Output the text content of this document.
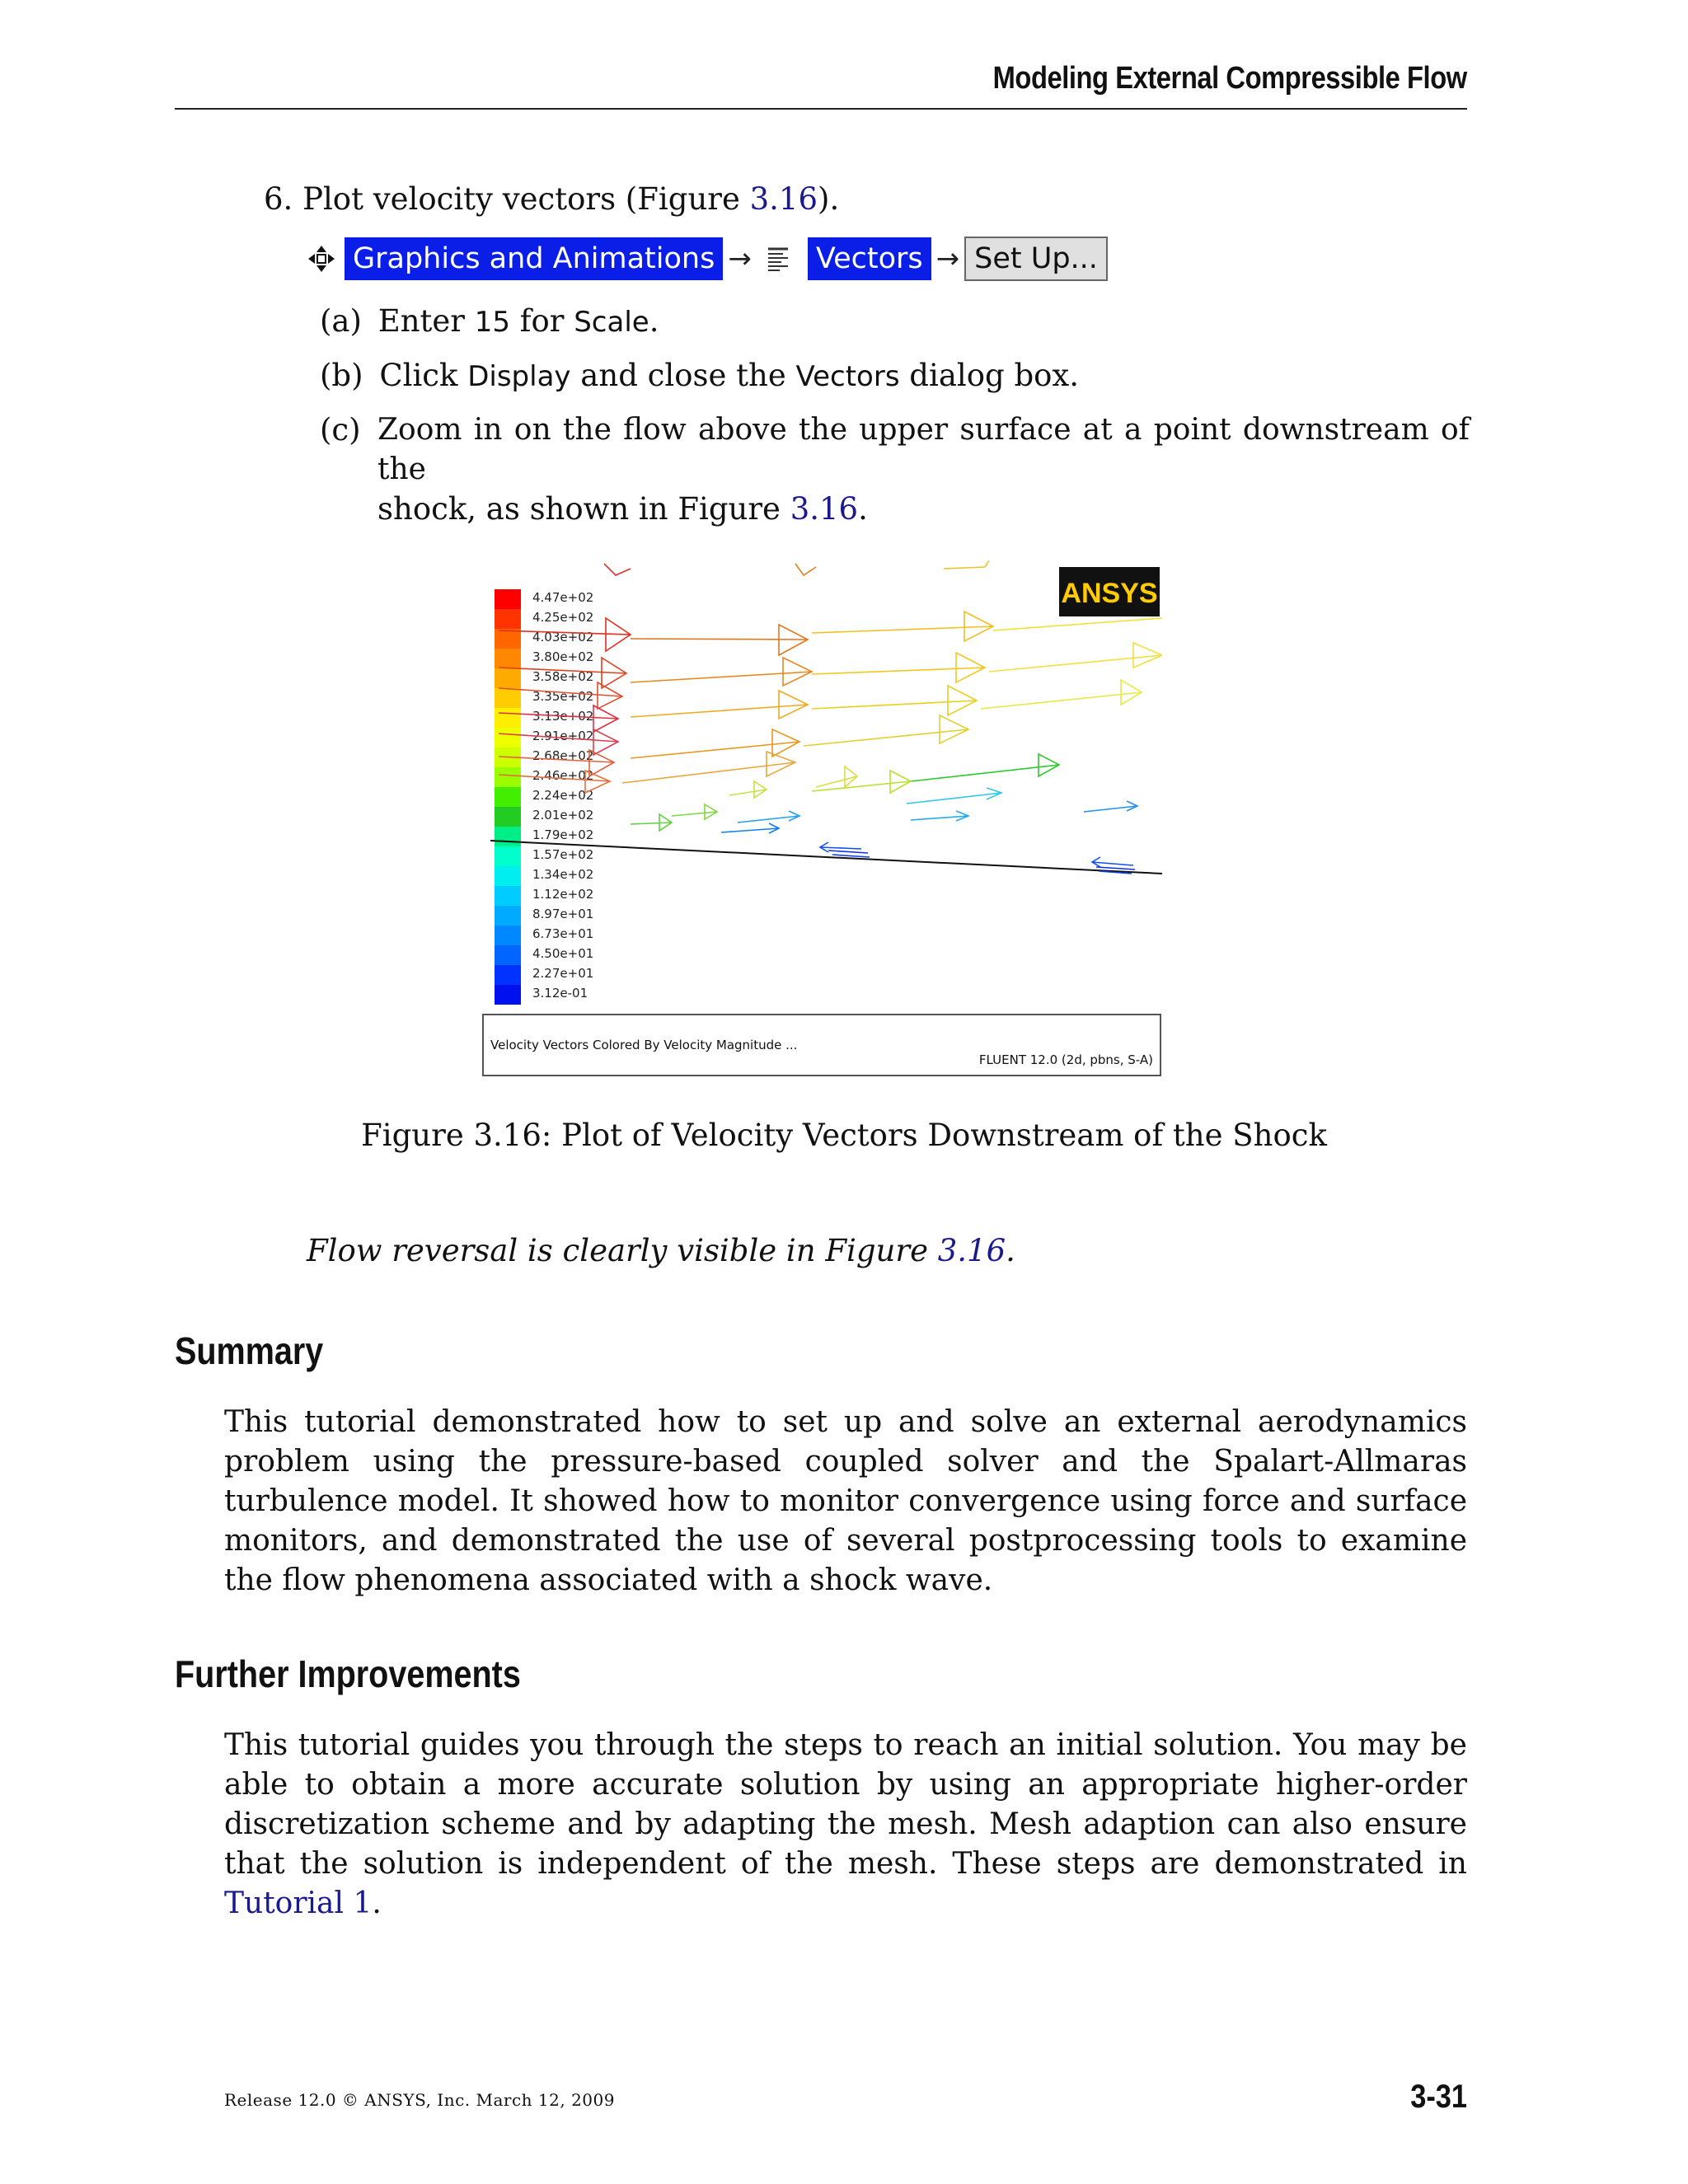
Modeling External Compressible Flow
6. Plot velocity vectors (Figure 3.16).
Graphics and Animations → Vectors → Set Up...
(a) Enter 15 for Scale.
(b) Click Display and close the Vectors dialog box.
(c) Zoom in on the flow above the upper surface at a point downstream of the
shock, as shown in Figure 3.16.
4.47e+02
4.25e+02
4.03e+02
3.80e+02
3.58e+02
3.35e+02
3.13e+02
2.91e+02
2.68e+02
2.46e+02
2.24e+02
2.01e+02
1.79e+02
1.57e+02
1.34e+02
1.12e+02
8.97e+01
6.73e+01
4.50e+01
2.27e+01
3.12e-01
ANSYS
Velocity Vectors Colored By Velocity Magnitude ...
FLUENT 12.0 (2d, pbns, S-A)
Figure 3.16: Plot of Velocity Vectors Downstream of the Shock
Flow reversal is clearly visible in Figure 3.16.
Summary
This tutorial demonstrated how to set up and solve an external aerodynamics problem using the pressure-based coupled solver and the Spalart-Allmaras turbulence model. It showed how to monitor convergence using force and surface monitors, and demonstrated the use of several postprocessing tools to examine the flow phenomena associated with a shock wave.
Further Improvements
This tutorial guides you through the steps to reach an initial solution. You may be able to obtain a more accurate solution by using an appropriate higher-order discretization scheme and by adapting the mesh. Mesh adaption can also ensure that the solution is independent of the mesh. These steps are demonstrated in Tutorial 1.
Release 12.0 © ANSYS, Inc. March 12, 2009	3-31
